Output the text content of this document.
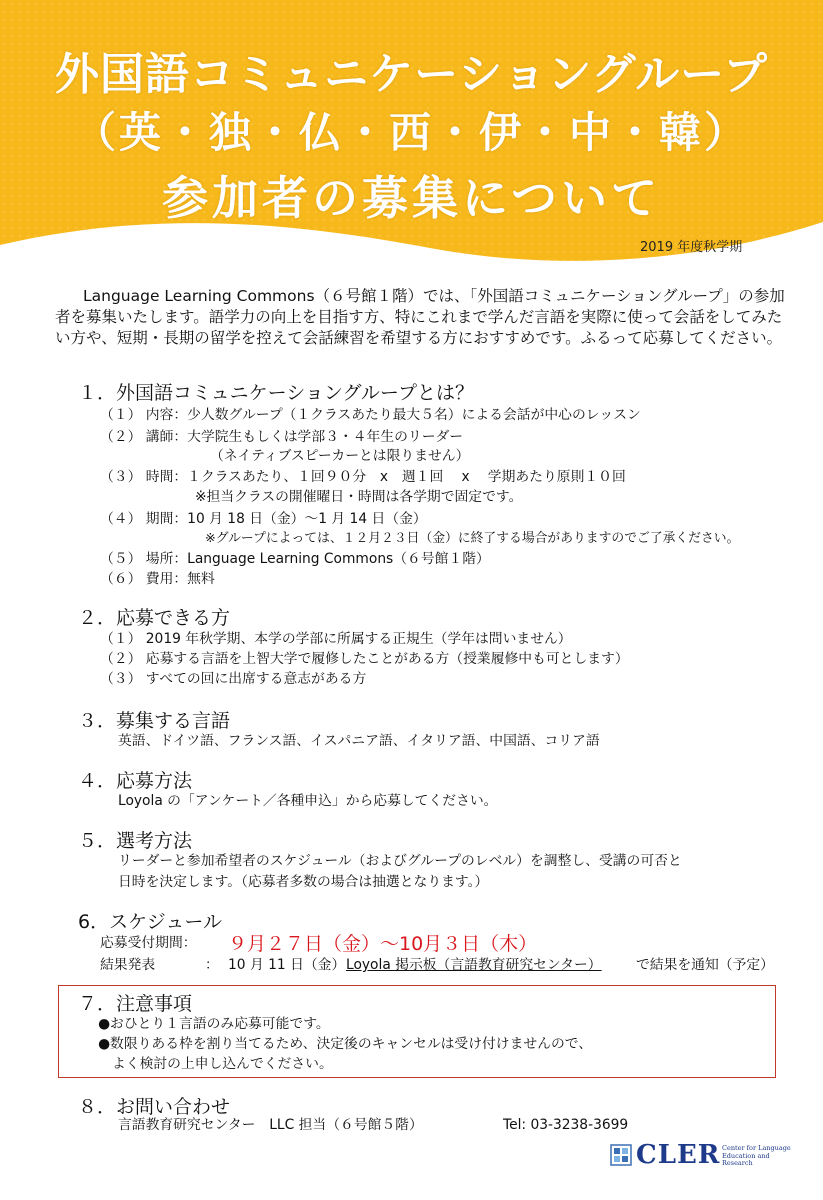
外国語コミュニケーショングループ
（英・独・仏・西・伊・中・韓）
参加者の募集について
2019 年度秋学期
Language Learning Commons（６号館１階）では、「外国語コミュニケーショングループ」の参加者を募集いたします。語学力の向上を目指す方、特にこれまで学んだ言語を実際に使って会話をしてみたい方や、短期・長期の留学を控えて会話練習を希望する方におすすめです。ふるって応募してください。
１．外国語コミュニケーショングループとは？
（１） 内容：少人数グループ（１クラスあたり最大５名）による会話が中心のレッスン
（２） 講師：大学院生もしくは学部３・４年生のリーダー
（ネイティブスピーカーとは限りません）
（３） 時間：１クラスあたり、１回９０分　x　週１回　 x　 学期あたり原則１０回
※担当クラスの開催曜日・時間は各学期で固定です。
（４） 期間：10 月 18 日（金）～1 月 14 日（金）
※グループによっては、１２月２３日（金）に終了する場合がありますのでご了承ください。
（５） 場所：Language Learning Commons（６号館１階）
（６） 費用：無料
２．応募できる方
（１） 2019 年秋学期、本学の学部に所属する正規生（学年は問いません）
（２） 応募する言語を上智大学で履修したことがある方（授業履修中も可とします）
（３） すべての回に出席する意志がある方
３．募集する言語
英語、ドイツ語、フランス語、イスパニア語、イタリア語、中国語、コリア語
４．応募方法
Loyola の「アンケート／各種申込」から応募してください。
５．選考方法
リーダーと参加希望者のスケジュール（およびグループのレベル）を調整し、受講の可否と
日時を決定します。（応募者多数の場合は抽選となります。）
6．スケジュール
応募受付期間： ９月２７日（金）～10月３日（木）
結果発表	： 10 月 11 日（金） Loyola 掲示板（言語教育研究センター） で結果を通知（予定）
７．注意事項
●おひとり１言語のみ応募可能です。
●数限りある枠を割り当てるため、決定後のキャンセルは受け付けませんので、
よく検討の上申し込んでください。
８．お問い合わせ
言語教育研究センター　LLC 担当（６号館５階）	Tel: 03-3238-3699
CLER Center for Language Education and Research
